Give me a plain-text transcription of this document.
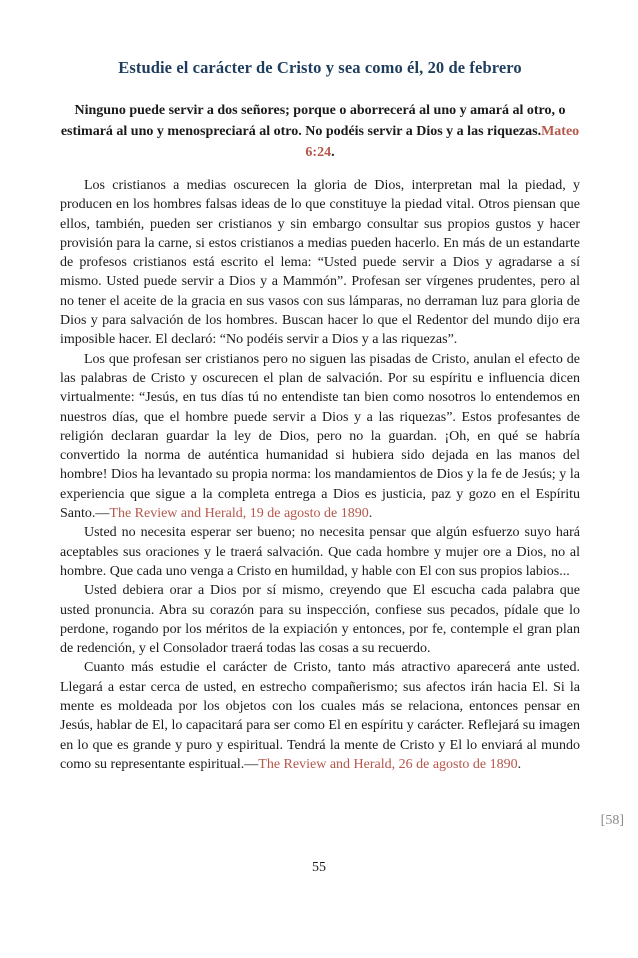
Estudie el carácter de Cristo y sea como él, 20 de febrero
Ninguno puede servir a dos señores; porque o aborrecerá al uno y amará al otro, o estimará al uno y menospreciará al otro. No podéis servir a Dios y a las riquezas.Mateo 6:24.

Los cristianos a medias oscurecen la gloria de Dios, interpretan mal la piedad, y producen en los hombres falsas ideas de lo que constituye la piedad vital. Otros piensan que ellos, también, pueden ser cristianos y sin embargo consultar sus propios gustos y hacer provisión para la carne, si estos cristianos a medias pueden hacerlo. En más de un estandarte de profesos cristianos está escrito el lema: “Usted puede servir a Dios y agradarse a sí mismo. Usted puede servir a Dios y a Mammón”. Profesan ser vírgenes prudentes, pero al no tener el aceite de la gracia en sus vasos con sus lámparas, no derraman luz para gloria de Dios y para salvación de los hombres. Buscan hacer lo que el Redentor del mundo dijo era imposible hacer. El declaró: “No podéis servir a Dios y a las riquezas”.

Los que profesan ser cristianos pero no siguen las pisadas de Cristo, anulan el efecto de las palabras de Cristo y oscurecen el plan de salvación. Por su espíritu e influencia dicen virtualmente: “Jesús, en tus días tú no entendiste tan bien como nosotros lo entendemos en nuestros días, que el hombre puede servir a Dios y a las riquezas”. Estos profesantes de religión declaran guardar la ley de Dios, pero no la guardan. ¡Oh, en qué se habría convertido la norma de auténtica humanidad si hubiera sido dejada en las manos del hombre! Dios ha levantado su propia norma: los mandamientos de Dios y la fe de Jesús; y la experiencia que sigue a la completa entrega a Dios es justicia, paz y gozo en el Espíritu Santo.—The Review and Herald, 19 de agosto de 1890.

Usted no necesita esperar ser bueno; no necesita pensar que algún esfuerzo suyo hará aceptables sus oraciones y le traerá salvación. Que cada hombre y mujer ore a Dios, no al hombre. Que cada uno venga a Cristo en humildad, y hable con El con sus propios labios...

Usted debiera orar a Dios por sí mismo, creyendo que El escucha cada palabra que usted pronuncia. Abra su corazón para su inspección, confiese sus pecados, pídale que lo perdone, rogando por los méritos de la expiación y entonces, por fe, contemple el gran plan de redención, y el Consolador traerá todas las cosas a su recuerdo.

Cuanto más estudie el carácter de Cristo, tanto más atractivo aparecerá ante usted. Llegará a estar cerca de usted, en estrecho compañerismo; sus afectos irán hacia El. Si la mente es moldeada por los objetos con los cuales más se relaciona, entonces pensar en Jesús, hablar de El, lo capacitará para ser como El en espíritu y carácter. Reflejará su imagen en lo que es grande y puro y espiritual. Tendrá la mente de Cristo y El lo enviará al mundo como su representante espiritual.—The Review and Herald, 26 de agosto de 1890.

[58]
55
